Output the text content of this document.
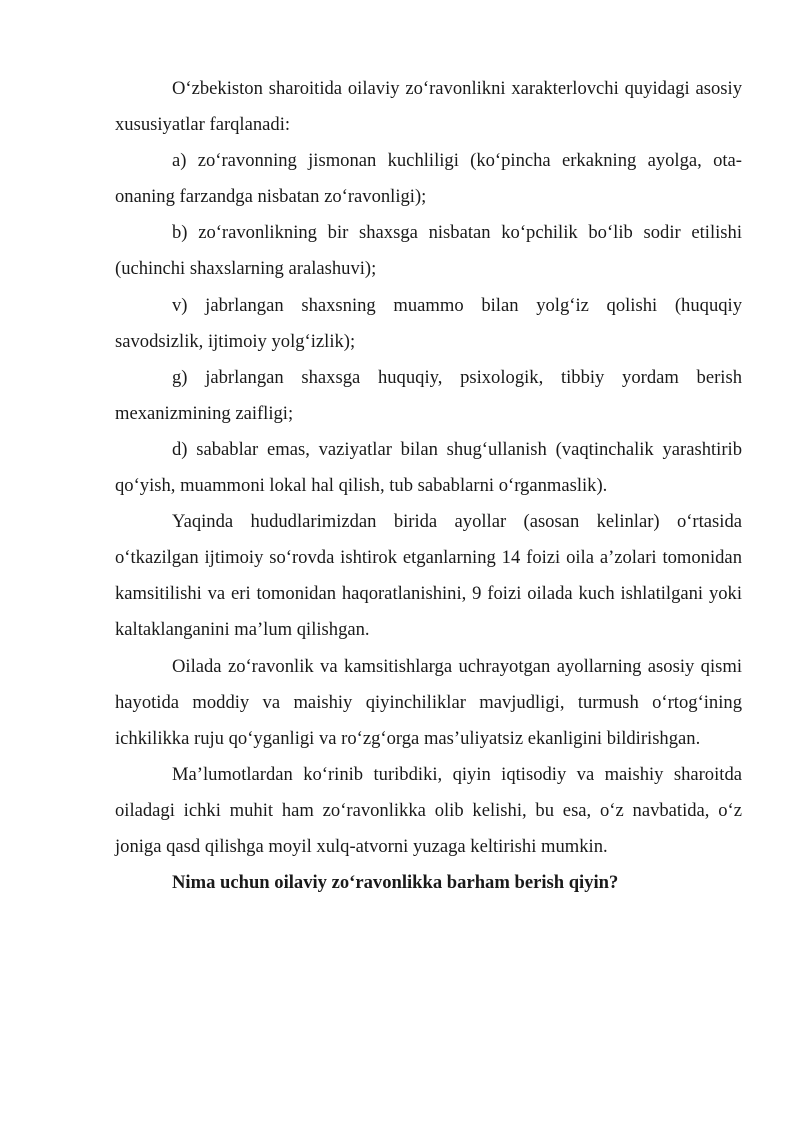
O‘zbekiston sharoitida oilaviy zo‘ravonlikni xarakterlovchi quyidagi asosiy xususiyatlar farqlanadi:

a) zo‘ravonning jismonan kuchliligi (ko‘pincha erkakning ayolga, ota-onaning farzandga nisbatan zo‘ravonligi);

b) zo‘ravonlikning bir shaxsga nisbatan ko‘pchilik bo‘lib sodir etilishi (uchinchi shaxslarning aralashuvi);

v) jabrlangan shaxsning muammo bilan yolg‘iz qolishi (huquqiy savodsizlik, ijtimoiy yolg‘izlik);

g) jabrlangan shaxsga huquqiy, psixologik, tibbiy yordam berish mexanizmining zaifligi;

d) sabablar emas, vaziyatlar bilan shug‘ullanish (vaqtinchalik yarashtirib qo‘yish, muammoni lokal hal qilish, tub sabablarni o‘rganmaslik).

Yaqinda hududlarimizdan birida ayollar (asosan kelinlar) o‘rtasida o‘tkazilgan ijtimoiy so‘rovda ishtirok etganlarning 14 foizi oila a’zolari tomonidan kamsitilishi va eri tomonidan haqoratlanishini, 9 foizi oilada kuch ishlatilgani yoki kaltaklanganini ma’lum qilishgan.

Oilada zo‘ravonlik va kamsitishlarga uchrayotgan ayollarning asosiy qismi hayotida moddiy va maishiy qiyinchiliklar mavjudligi, turmush o‘rtog‘ining ichkilikka ruju qo‘yganligi va ro‘zg‘orga mas’uliyatsiz ekanligini bildirishgan.

Ma’lumotlardan ko‘rinib turibdiki, qiyin iqtisodiy va maishiy sharoitda oiladagi ichki muhit ham zo‘ravonlikka olib kelishi, bu esa, o‘z navbatida, o‘z joniga qasd qilishga moyil xulq-atvorni yuzaga keltirishi mumkin.

Nima uchun oilaviy zo‘ravonlikka barham berish qiyin?
